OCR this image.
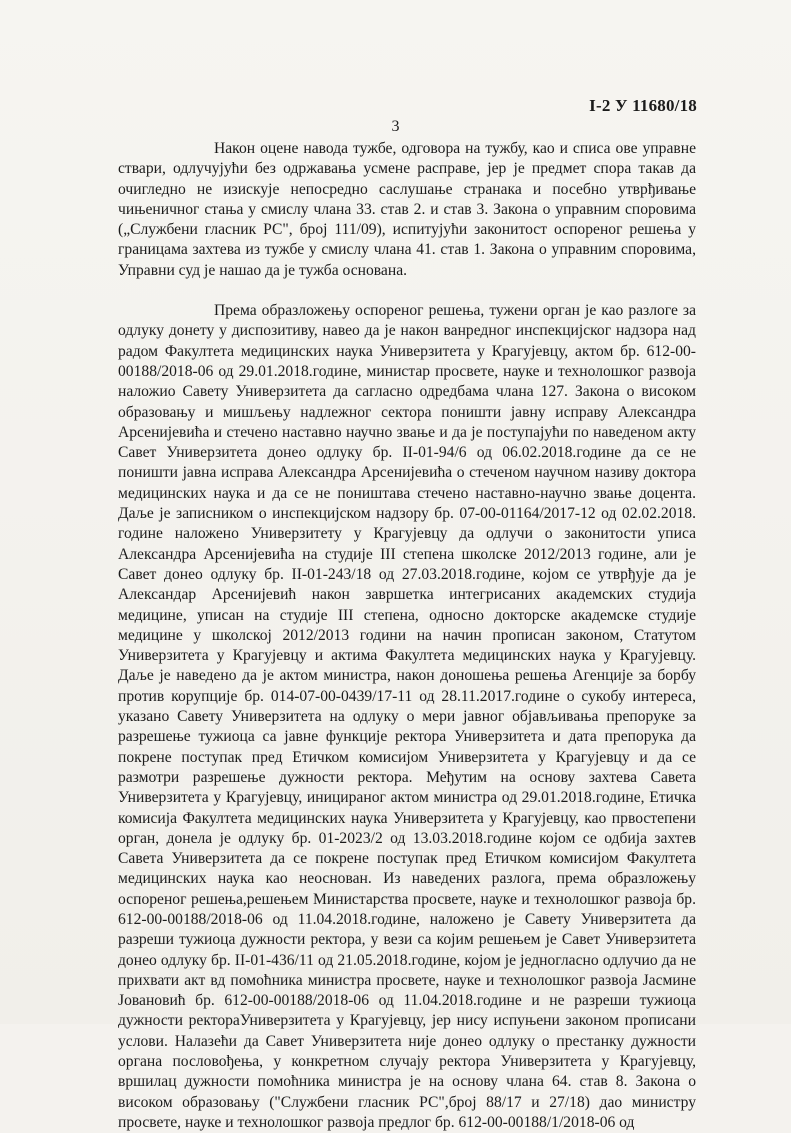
І-2 У 11680/18
3

Након оцене навода тужбе, одговора на тужбу, као и списа ове управне ствари, одлучујући без одржавања усмене расправе, јер је предмет спора такав да очигледно не изискује непосредно саслушање странака и посебно утврђивање чињеничног стања у смислу члана 33. став 2. и став 3. Закона о управним споровима („Службени гласник РС", број 111/09), испитујући законитост оспореног решења у границама захтева из тужбе у смислу члана 41. став 1. Закона о управним споровима, Управни суд је нашао да је тужба основана.

Према образложењу оспореног решења, тужени орган је као разлоге за одлуку донету у диспозитиву, навео да је након ванредног инспекцијског надзора над радом Факултета медицинских наука Универзитета у Крагујевцу, актом бр. 612-00-00188/2018-06 од 29.01.2018.године, министар просвете, науке и технолошког развоја наложио Савету Универзитета да сагласно одредбама члана 127. Закона о високом образовању и мишљењу надлежног сектора поништи јавну исправу Александра Арсенијевића и стечено наставно научно звање и да је поступајући по наведеном акту Савет Универзитета донео одлуку бр. II-01-94/6 од 06.02.2018.године да се не поништи јавна исправа Александра Арсенијевића о стеченом научном називу доктора медицинских наука и да се не поништава стечено наставно-научно звање доцента. Даље је записником о инспекцијском надзору бр. 07-00-01164/2017-12 од 02.02.2018. године наложено Универзитету у Крагујевцу да одлучи о законитости уписа Александра Арсенијевића на студије III степена школске 2012/2013 године, али је Савет донео одлуку бр. II-01-243/18 од 27.03.2018.године, којом се утврђује да је Александар Арсенијевић након завршетка интегрисаних академских студија медицине, уписан на студије III степена, односно докторске академске студије медицине у школској 2012/2013 години на начин прописан законом, Статутом Универзитета у Крагујевцу и актима Факултета медицинских наука у Крагујевцу. Даље је наведено да је актом министра, након доношења решења Агенције за борбу против корупције бр. 014-07-00-0439/17-11 од 28.11.2017.године о сукобу интереса, указано Савету Универзитета на одлуку о мери јавног објављивања препоруке за разрешење тужиоца са јавне функције ректора Универзитета и дата препорука да покрене поступак пред Етичком комисијом Универзитета у Крагујевцу и да се размотри разрешење дужности ректора. Међутим на основу захтева Савета Универзитета у Крагујевцу, иницираног актом министра од 29.01.2018.године, Етичка комисија Факултета медицинских наука Универзитета у Крагујевцу, као првостепени орган, донела је одлуку бр. 01-2023/2 од 13.03.2018.године којом се одбија захтев Савета Универзитета да се покрене поступак пред Етичком комисијом Факултета медицинских наука као неоснован. Из наведених разлога, према образложењу оспореног решења,решењем Министарства просвете, науке и технолошког развоја бр. 612-00-00188/2018-06 од 11.04.2018.године, наложено је Савету Универзитета да разреши тужиоца дужности ректора, у вези са којим решењем је Савет Универзитета донео одлуку бр. II-01-436/11 од 21.05.2018.године, којом је једногласно одлучио да не прихвати акт вд помоћника министра просвете, науке и технолошког развоја Јасмине Јовановић бр. 612-00-00188/2018-06 од 11.04.2018.године и не разреши тужиоца дужности ректораУниверзитета у Крагујевцу, јер нису испуњени законом прописани услови. Налазећи да Савет Универзитета није донео одлуку о престанку дужности органа пословођења, у конкретном случају ректора Универзитета у Крагујевцу, вршилац дужности помоћника министра је на основу члана 64. став 8. Закона о високом образовању ("Службени гласник РС",број 88/17 и 27/18) дао министру просвете, науке и технолошког развоја предлог бр. 612-00-00188/1/2018-06 од
